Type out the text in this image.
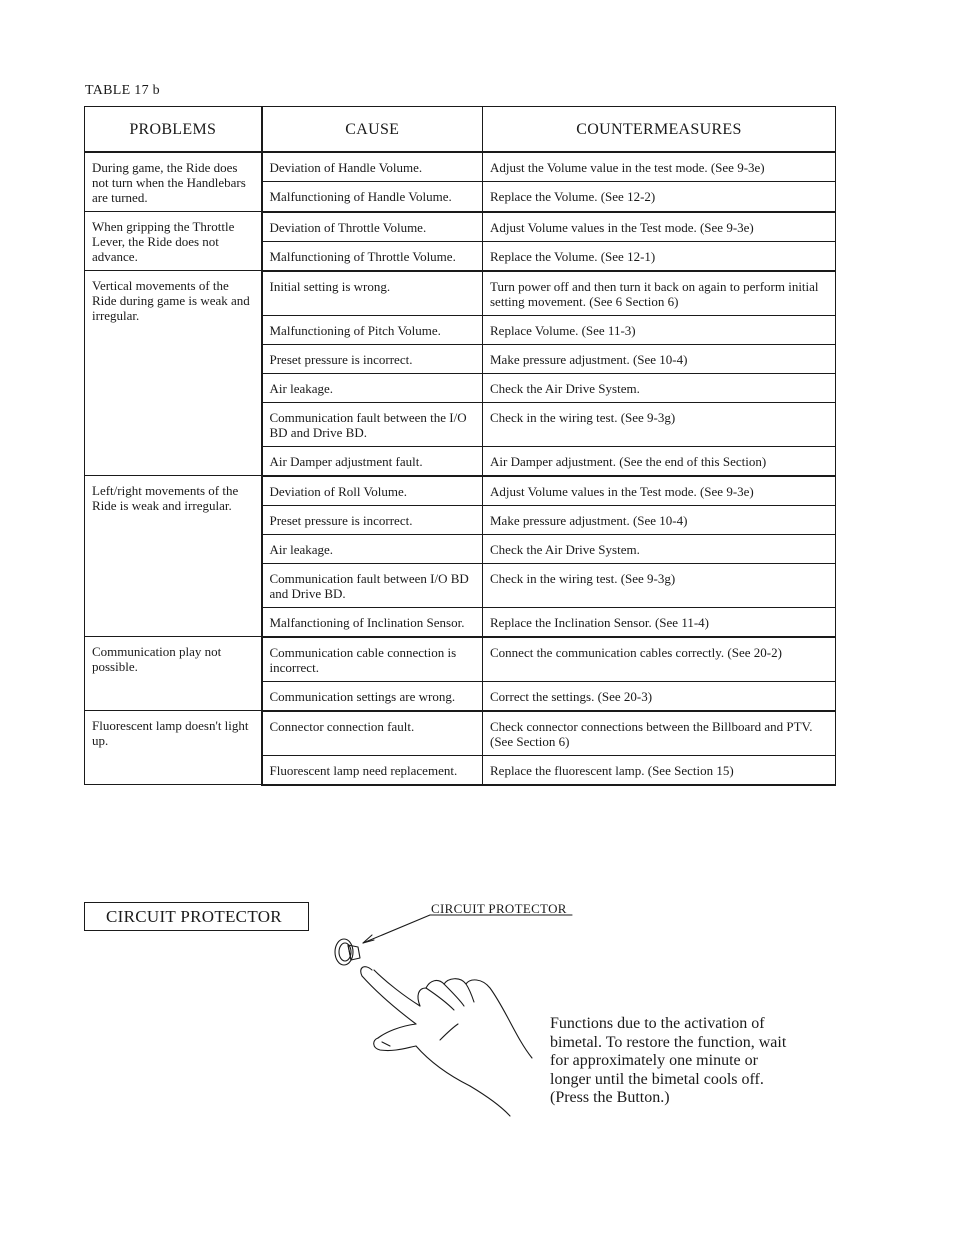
TABLE 17 b
PROBLEMS	CAUSE	COUNTERMEASURES
During game, the Ride does not turn when the Handlebars are turned.	Deviation of Handle Volume.	Adjust the Volume value in the test mode. (See 9-3e)
	Malfunctioning of Handle Volume.	Replace the Volume. (See 12-2)
When gripping the Throttle Lever, the Ride does not advance.	Deviation of Throttle Volume.	Adjust Volume values in the Test mode. (See 9-3e)
	Malfunctioning of Throttle Volume.	Replace the Volume. (See 12-1)
Vertical movements of the Ride during game is weak and irregular.	Initial setting is wrong.	Turn power off and then turn it back on again to perform initial setting movement. (See 6 Section 6)
	Malfunctioning of Pitch Volume.	Replace Volume. (See 11-3)
	Preset pressure is incorrect.	Make pressure adjustment. (See 10-4)
	Air leakage.	Check the Air Drive System.
	Communication fault between the I/O BD and Drive BD.	Check in the wiring test. (See 9-3g)
	Air Damper adjustment fault.	Air Damper adjustment. (See the end of this Section)
Left/right movements of the Ride is weak and irregular.	Deviation of Roll Volume.	Adjust Volume values in the Test mode. (See 9-3e)
	Preset pressure is incorrect.	Make pressure adjustment. (See 10-4)
	Air leakage.	Check the Air Drive System.
	Communication fault between I/O BD and Drive BD.	Check in the wiring test. (See 9-3g)
	Malfanctioning of Inclination Sensor.	Replace the Inclination Sensor. (See 11-4)
Communication play not possible.	Communication cable connection is incorrect.	Connect the communication cables correctly. (See 20-2)
	Communication settings are wrong.	Correct the settings. (See 20-3)
Fluorescent lamp doesn't light up.	Connector connection fault.	Check connector connections between the Billboard and PTV. (See Section 6)
	Fluorescent lamp need replacement.	Replace the fluorescent lamp. (See Section 15)
CIRCUIT PROTECTOR	CIRCUIT PROTECTOR
Functions due to the activation of bimetal. To restore the function, wait for approximately one minute or longer until the bimetal cools off. (Press the Button.)
